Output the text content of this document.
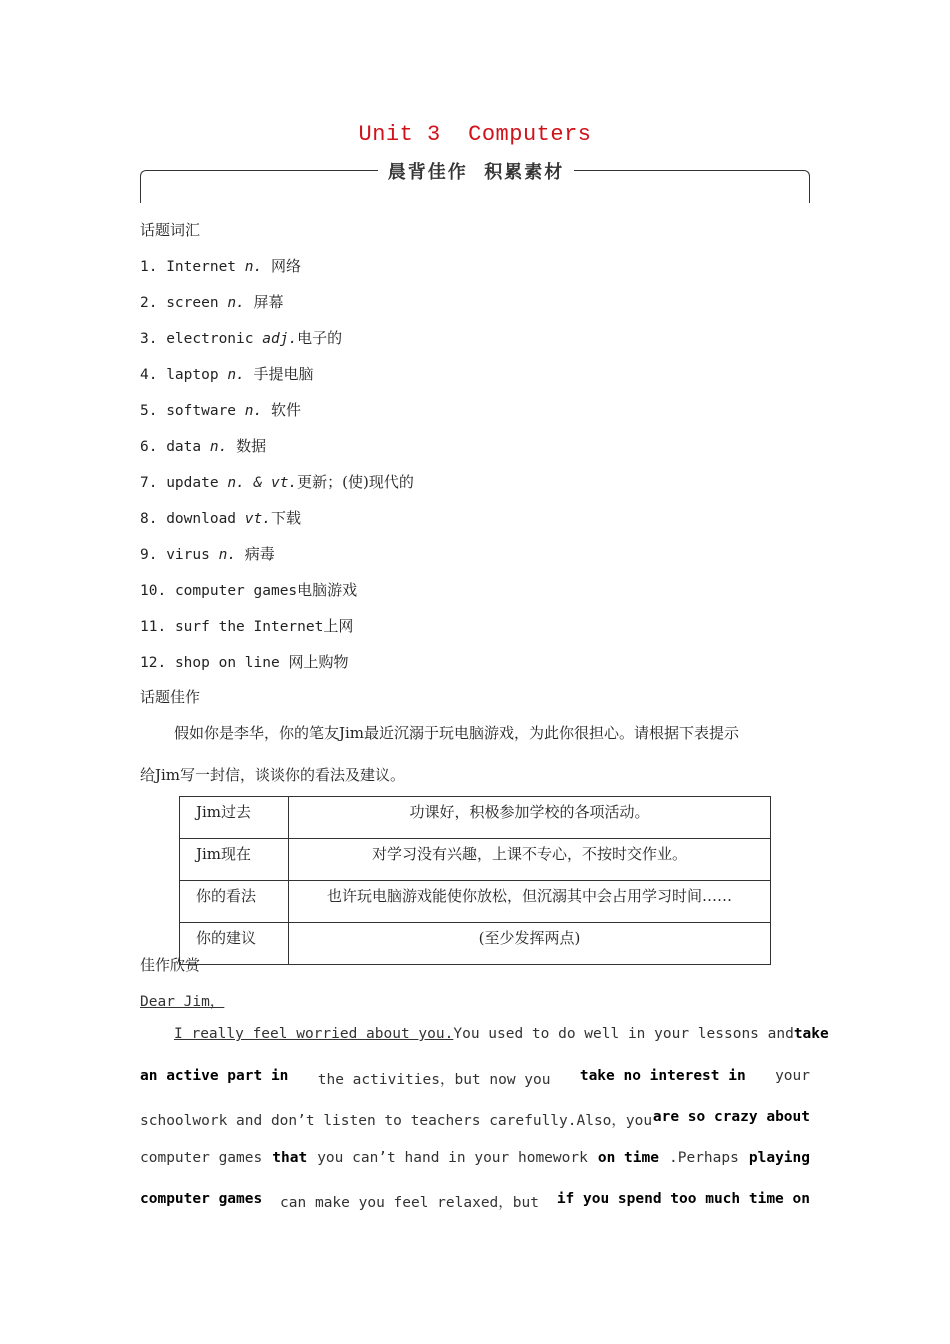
Unit 3  Computers
晨背佳作  积累素材
话题词汇
1. Internet n. 网络
2. screen n. 屏幕
3. electronic adj.电子的
4. laptop n. 手提电脑
5. software n. 软件
6. data n. 数据
7. update n. & vt.更新；(使)现代的
8. download vt.下载
9. virus n. 病毒
10. computer games电脑游戏
11. surf the Internet上网
12. shop on line 网上购物
话题佳作
假如你是李华，你的笔友Jim最近沉溺于玩电脑游戏，为此你很担心。请根据下表提示
给Jim写一封信，谈谈你的看法及建议。
Jim过去	功课好，积极参加学校的各项活动。
Jim现在	对学习没有兴趣，上课不专心，不按时交作业。
你的看法	也许玩电脑游戏能使你放松，但沉溺其中会占用学习时间……
你的建议	(至少发挥两点)
佳作欣赏
Dear Jim，
I really feel worried about you. You used to do well in your lessons and take
an active part in the activities，but now you take no interest in your
schoolwork and don’t listen to teachers carefully.Also，you are so crazy about
computer games that you can’t hand in your homework on time .Perhaps playing
computer games can make you feel relaxed，but if you spend too much time on
